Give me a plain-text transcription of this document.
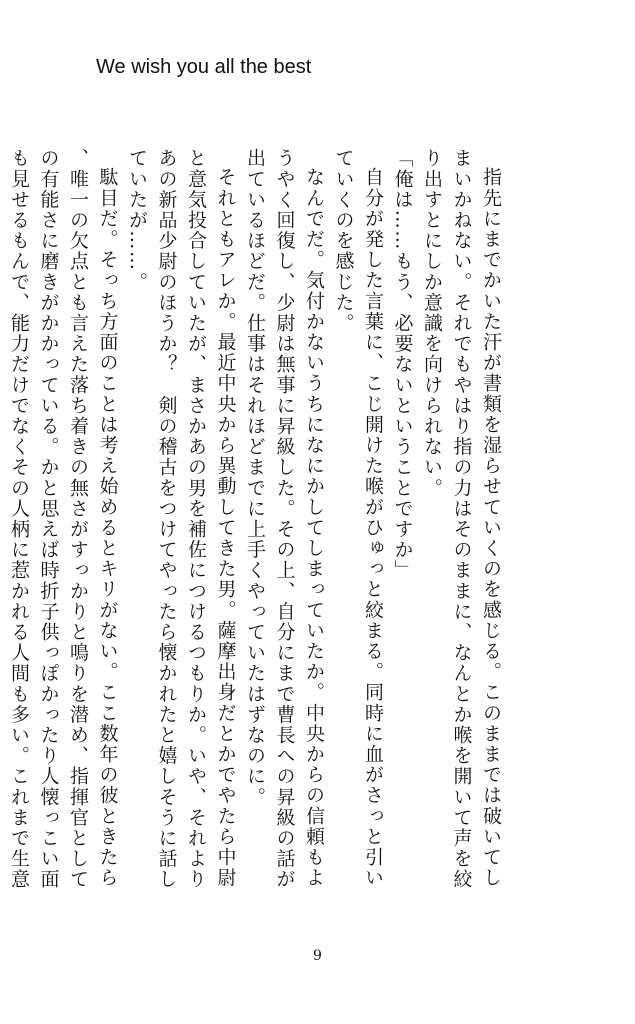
We wish you all the best

指先にまでかいた汗が書類を湿らせていくのを感じる。このままでは破いてしまいかねない。それでもやはり指の力はそのままに、なんとか喉を開いて声を絞り出すとにしか意識を向けられない。

「俺は……もう、必要ないということですか」

自分が発した言葉に、こじ開けた喉がひゅっと絞まる。同時に血がさっと引いていくのを感じた。

なんでだ。気付かないうちになにかしてしまっていたか。中央からの信頼もようやく回復し、少尉は無事に昇級した。その上、自分にまで曹長への昇級の話が出ているほどだ。仕事はそれほどまでに上手くやっていたはずなのに。

それともアレか。最近中央から異動してきた男。薩摩出身だとかでやたら中尉と意気投合していたが、まさかあの男を補佐につけるつもりか。いや、それよりあの新品少尉のほうか？　剣の稽古をつけてやったら懐かれたと嬉しそうに話していたが……。

駄目だ。そっち方面のことは考え始めるとキリがない。ここ数年の彼ときたら、唯一の欠点とも言えた落ち着きの無さがすっかりと鳴りを潜め、指揮官としての有能さに磨きがかかっている。かと思えば時折子供っぽかったり人懐っこい面も見せるもんで、能力だけでなくその人柄に惹かれる人間も多い。これまで生意

9
